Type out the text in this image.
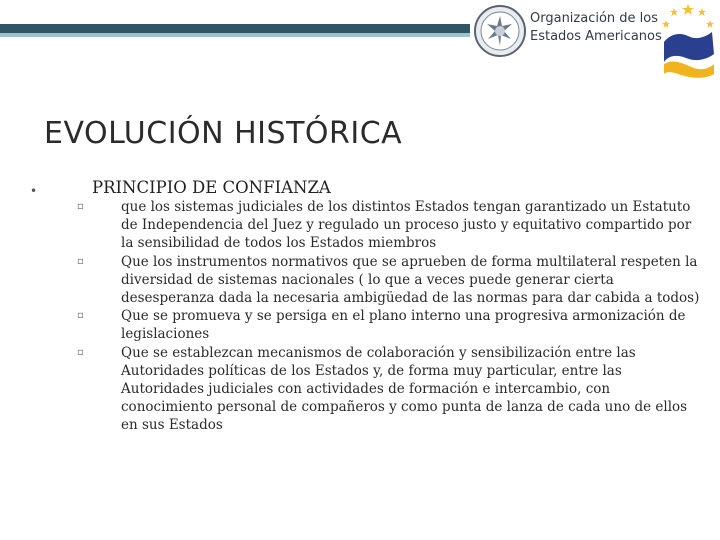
Organización de los
Estados Americanos
EVOLUCIÓN HISTÓRICA
•	PRINCIPIO DE CONFIANZA
▫	que los sistemas judiciales de los distintos Estados tengan garantizado un Estatuto de Independencia del Juez y regulado un proceso justo y equitativo compartido por la sensibilidad de todos los Estados miembros
▫	Que los instrumentos normativos que se aprueben de forma multilateral respeten la diversidad de sistemas nacionales ( lo que a veces puede generar cierta desesperanza dada la necesaria ambigüedad de las normas para dar cabida a todos)
▫	Que se promueva y se persiga en el plano interno una progresiva armonización de legislaciones
▫	Que se establezcan mecanismos de colaboración y sensibilización entre las Autoridades políticas de los Estados y, de forma muy particular, entre las Autoridades judiciales con actividades de formación e intercambio, con conocimiento personal de compañeros y como punta de lanza de cada uno de ellos en sus Estados
